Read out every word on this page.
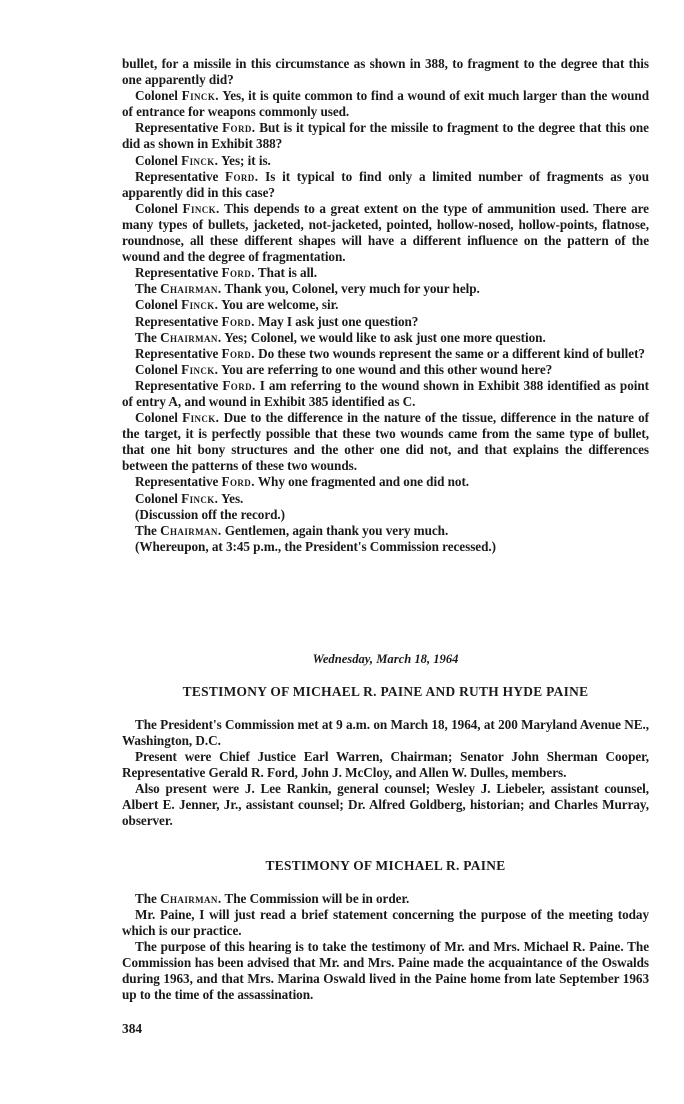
bullet, for a missile in this circumstance as shown in 388, to fragment to the degree that this one apparently did?

Colonel Finck. Yes, it is quite common to find a wound of exit much larger than the wound of entrance for weapons commonly used.

Representative Ford. But is it typical for the missile to fragment to the degree that this one did as shown in Exhibit 388?

Colonel Finck. Yes; it is.

Representative Ford. Is it typical to find only a limited number of fragments as you apparently did in this case?

Colonel Finck. This depends to a great extent on the type of ammunition used. There are many types of bullets, jacketed, not-jacketed, pointed, hollow-nosed, hollow-points, flatnose, roundnose, all these different shapes will have a different influence on the pattern of the wound and the degree of fragmentation.

Representative Ford. That is all.

The Chairman. Thank you, Colonel, very much for your help.

Colonel Finck. You are welcome, sir.

Representative Ford. May I ask just one question?

The Chairman. Yes; Colonel, we would like to ask just one more question.

Representative Ford. Do these two wounds represent the same or a different kind of bullet?

Colonel Finck. You are referring to one wound and this other wound here?

Representative Ford. I am referring to the wound shown in Exhibit 388 identified as point of entry A, and wound in Exhibit 385 identified as C.

Colonel Finck. Due to the difference in the nature of the tissue, difference in the nature of the target, it is perfectly possible that these two wounds came from the same type of bullet, that one hit bony structures and the other one did not, and that explains the differences between the patterns of these two wounds.

Representative Ford. Why one fragmented and one did not.

Colonel Finck. Yes.

(Discussion off the record.)

The Chairman. Gentlemen, again thank you very much.

(Whereupon, at 3:45 p.m., the President's Commission recessed.)

Wednesday, March 18, 1964

TESTIMONY OF MICHAEL R. PAINE AND RUTH HYDE PAINE

The President's Commission met at 9 a.m. on March 18, 1964, at 200 Maryland Avenue NE., Washington, D.C.

Present were Chief Justice Earl Warren, Chairman; Senator John Sherman Cooper, Representative Gerald R. Ford, John J. McCloy, and Allen W. Dulles, members.

Also present were J. Lee Rankin, general counsel; Wesley J. Liebeler, assistant counsel, Albert E. Jenner, Jr., assistant counsel; Dr. Alfred Goldberg, historian; and Charles Murray, observer.

TESTIMONY OF MICHAEL R. PAINE

The Chairman. The Commission will be in order.

Mr. Paine, I will just read a brief statement concerning the purpose of the meeting today which is our practice.

The purpose of this hearing is to take the testimony of Mr. and Mrs. Michael R. Paine. The Commission has been advised that Mr. and Mrs. Paine made the acquaintance of the Oswalds during 1963, and that Mrs. Marina Oswald lived in the Paine home from late September 1963 up to the time of the assassination.

384
